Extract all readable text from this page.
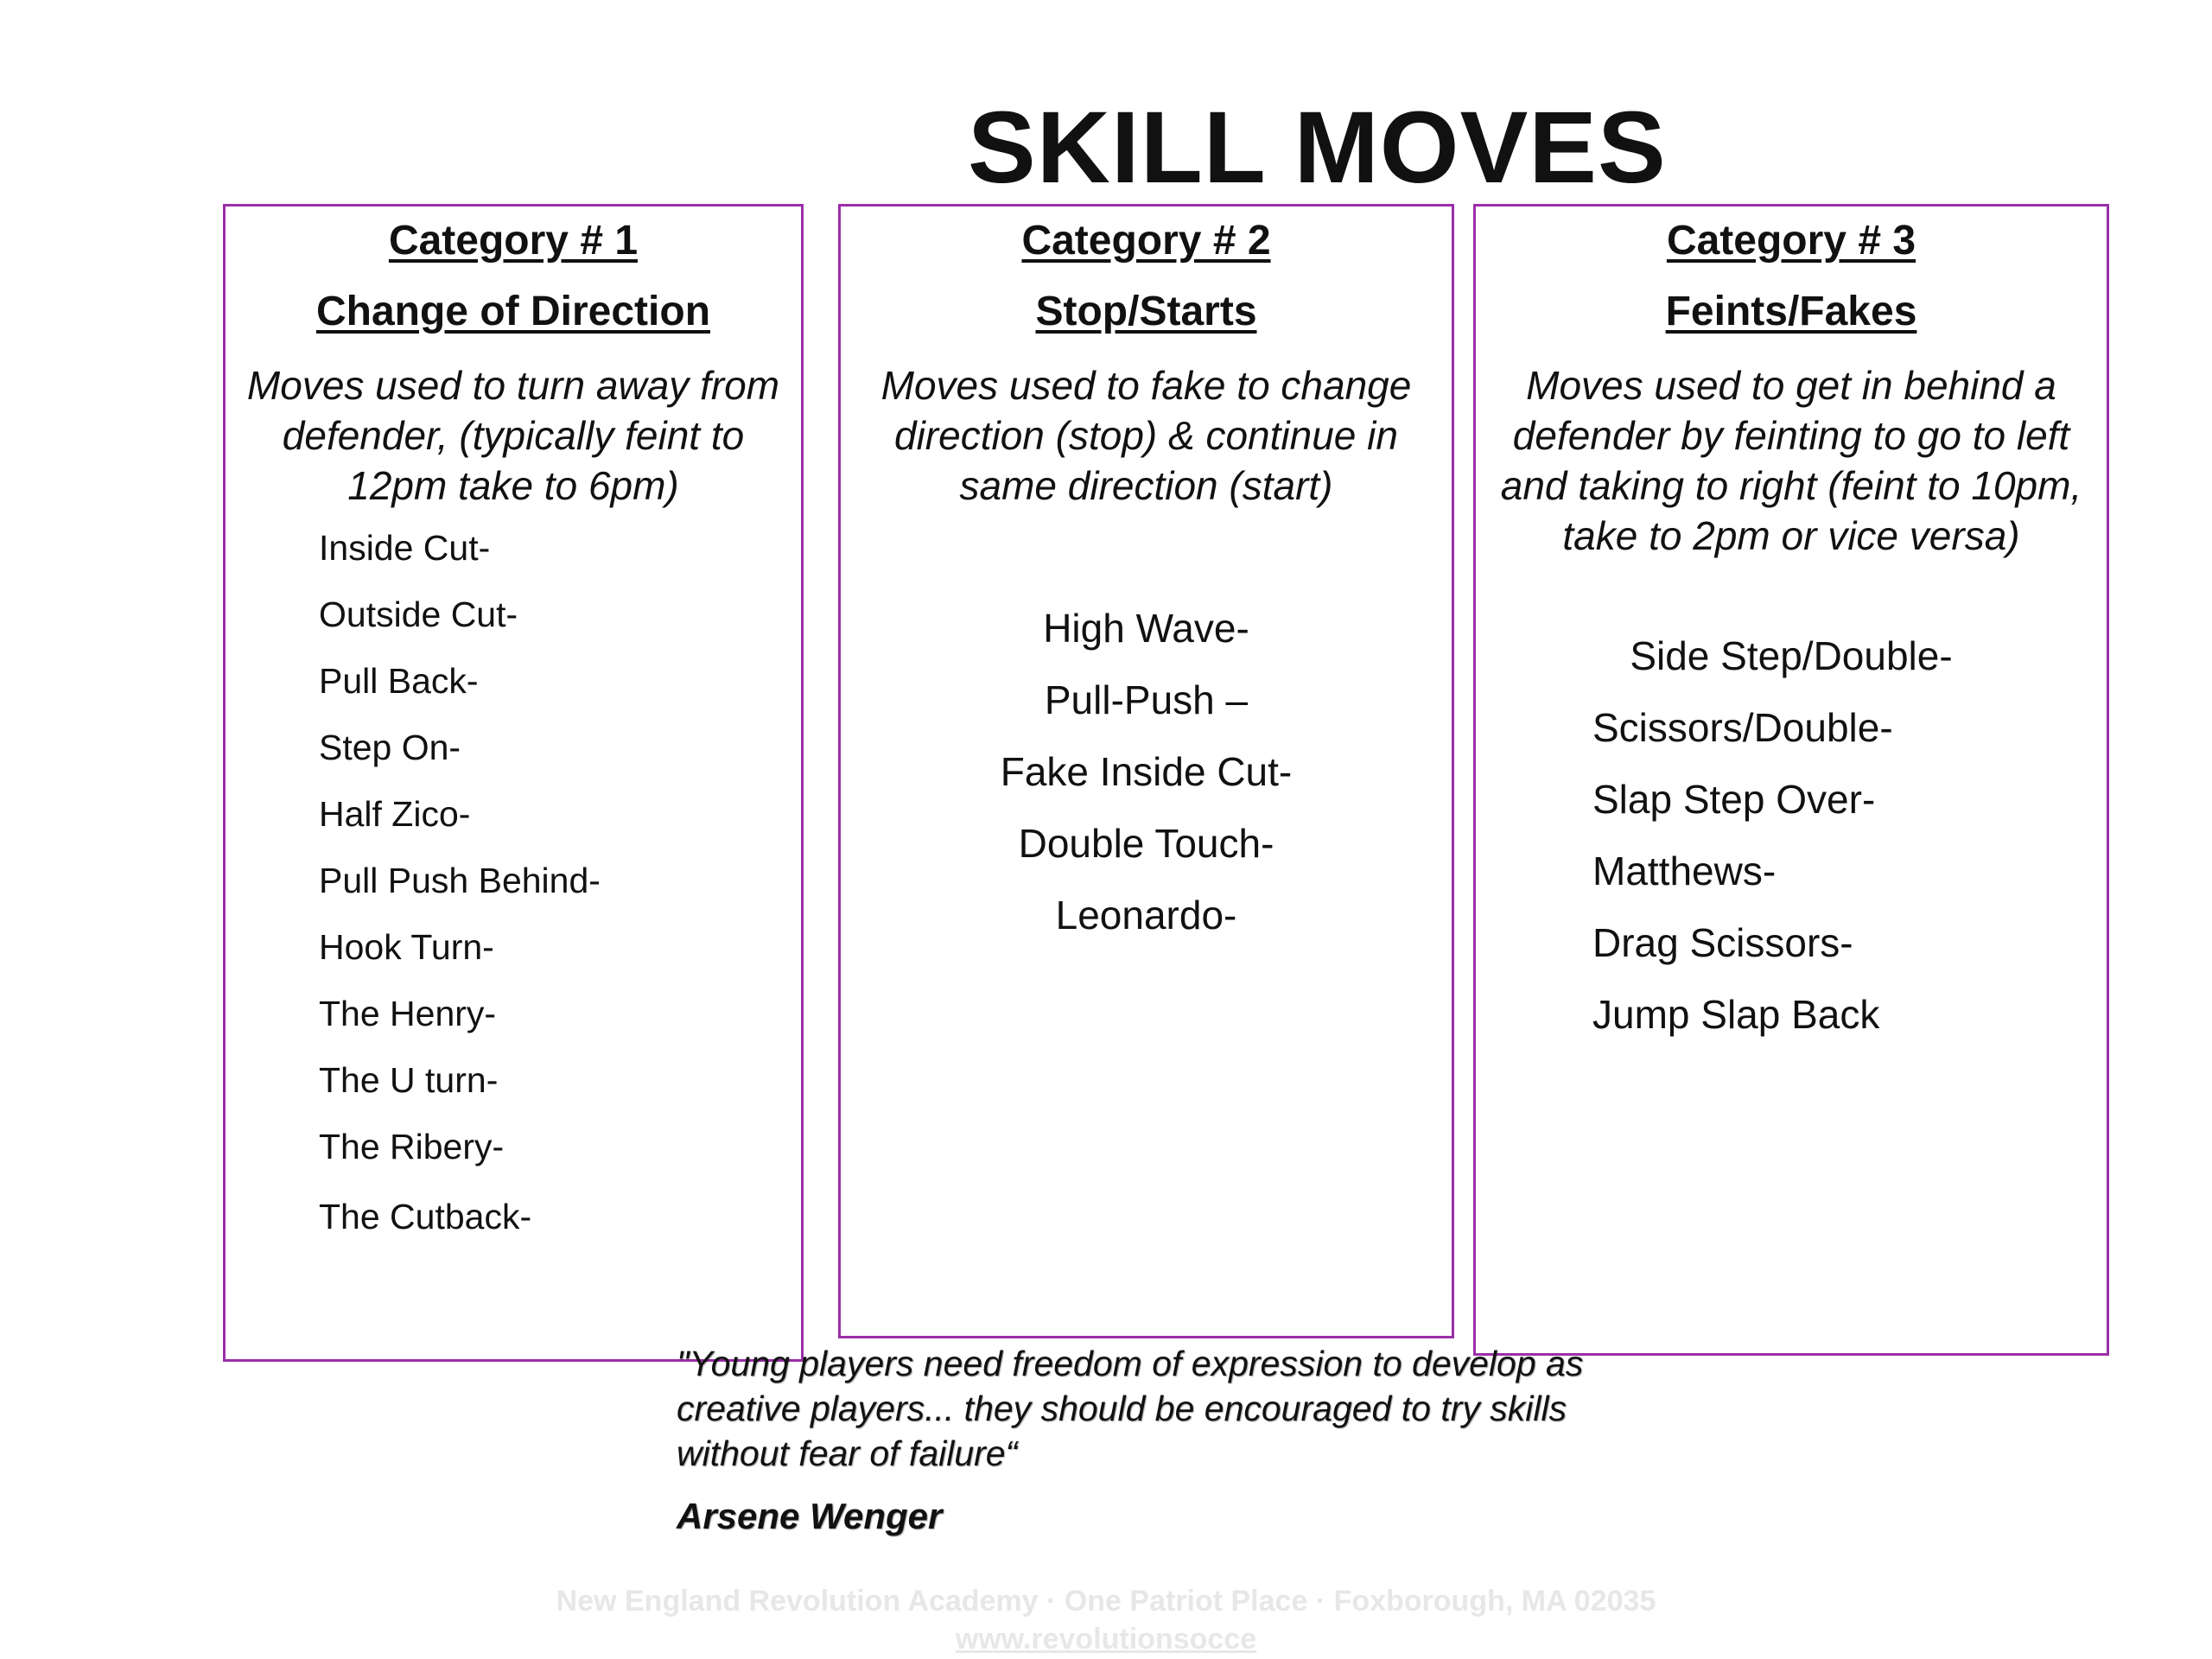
SKILL MOVES
Category # 1
Change of Direction
Moves used to turn away from defender, (typically feint to 12pm take to 6pm)
Inside Cut-
Outside Cut-
Pull Back-
Step On-
Half Zico-
Pull Push Behind-
Hook Turn-
The Henry-
The U turn-
The Ribery-
The Cutback-
Category # 2
Stop/Starts
Moves used to fake to change direction (stop) & continue in same direction (start)
High Wave-
Pull-Push –
Fake Inside Cut-
Double Touch-
Leonardo-
Category # 3
Feints/Fakes
Moves used to get in behind a defender by feinting to go to left and taking to right (feint to 10pm, take to 2pm or vice versa)
Side Step/Double-
Scissors/Double-
Slap Step Over-
Matthews-
Drag Scissors-
Jump Slap Back
"Young players need freedom of expression to develop as creative players... they should be encouraged to try skills without fear of failure“
Arsene Wenger
New England Revolution Academy · One Patriot Place · Foxborough, MA 02035
www.revolutionsocce
